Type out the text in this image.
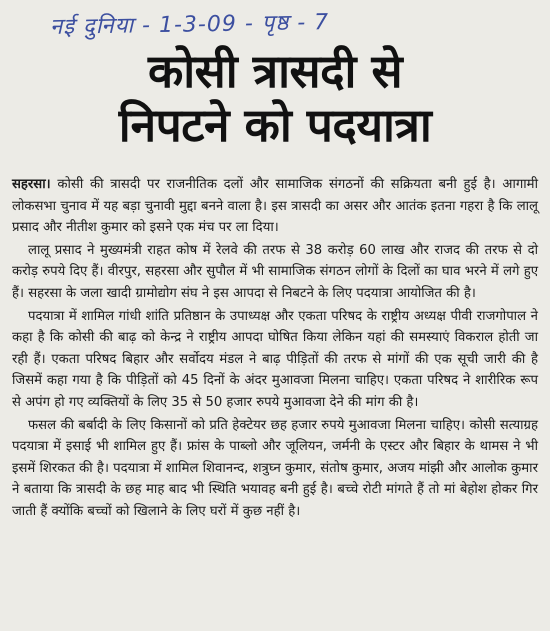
नई दुनिया - 1-3-09 - पृष्ठ - 7
कोसी त्रासदी से
निपटने को पदयात्रा

सहरसा। कोसी की त्रासदी पर राजनीतिक दलों और सामाजिक संगठनों की सक्रियता बनी हुई है। आगामी लोकसभा चुनाव में यह बड़ा चुनावी मुद्दा बनने वाला है। इस त्रासदी का असर और आतंक इतना गहरा है कि लालू प्रसाद और नीतीश कुमार को इसने एक मंच पर ला दिया।

लालू प्रसाद ने मुख्यमंत्री राहत कोष में रेलवे की तरफ से 38 करोड़ 60 लाख और राजद की तरफ से दो करोड़ रुपये दिए हैं। वीरपुर, सहरसा और सुपौल में भी सामाजिक संगठन लोगों के दिलों का घाव भरने में लगे हुए हैं। सहरसा के जला खादी ग्रामोद्योग संघ ने इस आपदा से निबटने के लिए पदयात्रा आयोजित की है।

पदयात्रा में शामिल गांधी शांति प्रतिष्ठान के उपाध्यक्ष और एकता परिषद के राष्ट्रीय अध्यक्ष पीवी राजगोपाल ने कहा है कि कोसी की बाढ़ को केन्द्र ने राष्ट्रीय आपदा घोषित किया लेकिन यहां की समस्याएं विकराल होती जा रही हैं। एकता परिषद बिहार और सर्वोदय मंडल ने बाढ़ पीड़ितों की तरफ से मांगों की एक सूची जारी की है जिसमें कहा गया है कि पीड़ितों को 45 दिनों के अंदर मुआवजा मिलना चाहिए। एकता परिषद ने शारीरिक रूप से अपंग हो गए व्यक्तियों के लिए 35 से 50 हजार रुपये मुआवजा देने की मांग की है।

फसल की बर्बादी के लिए किसानों को प्रति हेक्टेयर छह हजार रुपये मुआवजा मिलना चाहिए। कोसी सत्याग्रह पदयात्रा में इसाई भी शामिल हुए हैं। फ्रांस के पाब्लो और जूलियन, जर्मनी के एस्टर और बिहार के थामस ने भी इसमें शिरकत की है। पदयात्रा में शामिल शिवानन्द, शत्रुघ्न कुमार, संतोष कुमार, अजय मांझी और आलोक कुमार ने बताया कि त्रासदी के छह माह बाद भी स्थिति भयावह बनी हुई है। बच्चे रोटी मांगते हैं तो मां बेहोश होकर गिर जाती हैं क्योंकि बच्चों को खिलाने के लिए घरों में कुछ नहीं है।
